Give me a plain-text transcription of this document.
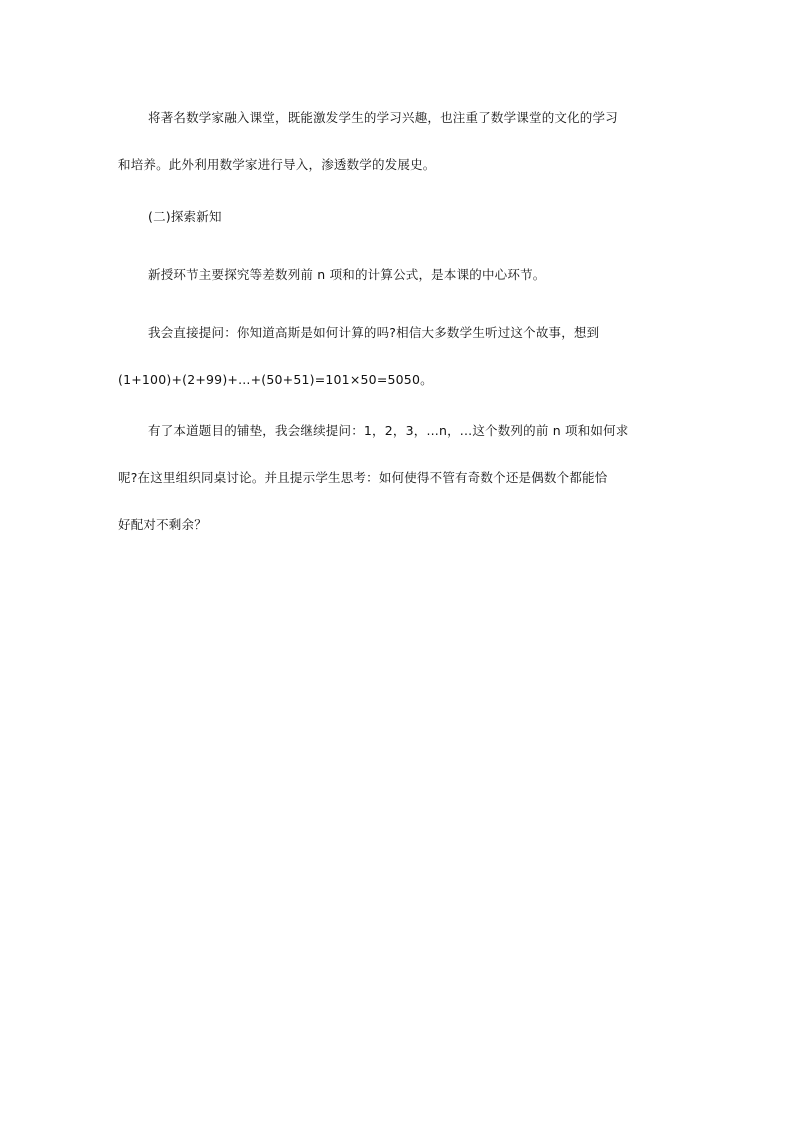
将著名数学家融入课堂，既能激发学生的学习兴趣，也注重了数学课堂的文化的学习
和培养。此外利用数学家进行导入，渗透数学的发展史。

(二)探索新知

新授环节主要探究等差数列前 n 项和的计算公式，是本课的中心环节。

我会直接提问：你知道高斯是如何计算的吗?相信大多数学生听过这个故事，想到
(1+100)+(2+99)+...+(50+51)=101×50=5050。

有了本道题目的铺垫，我会继续提问：1，2，3，...n，...这个数列的前 n 项和如何求
呢?在这里组织同桌讨论。并且提示学生思考：如何使得不管有奇数个还是偶数个都能恰
好配对不剩余？
